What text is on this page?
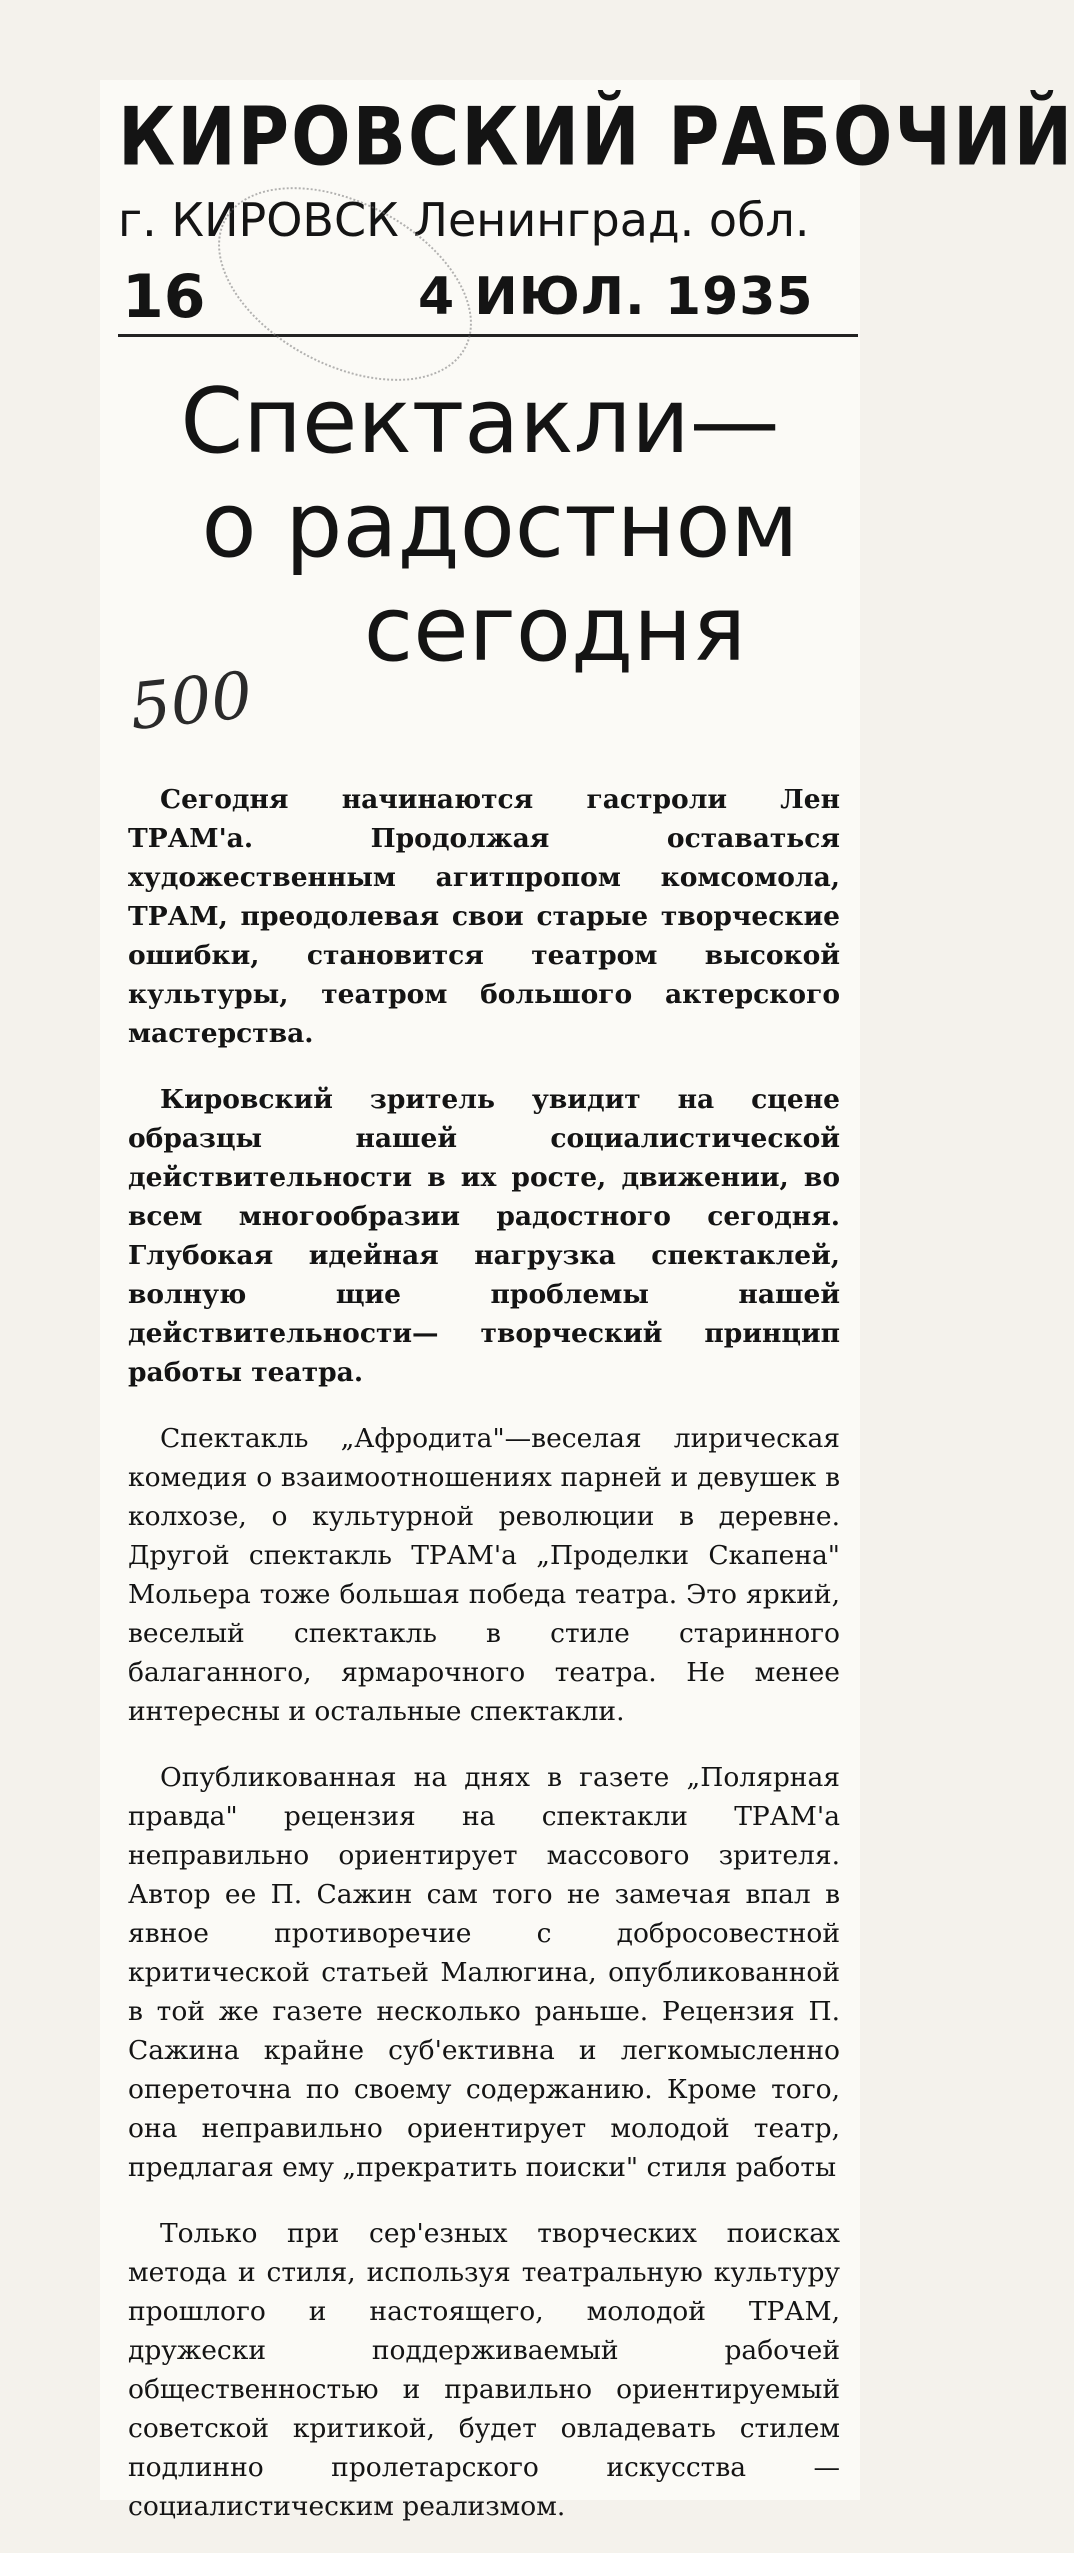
КИРОВСКИЙ РАБОЧИЙ
г. КИРОВСК Ленинград. обл.
16	4 ИЮЛ. 1935
Спектакли—
о радостном
сегодня
500

Сегодня начинаются гастроли Лен ТРАМ'а. Продолжая оставаться художественным агитпропом комсомола, ТРАМ, преодолевая свои старые творческие ошибки, становится театром высокой культуры, театром большого актерского мастерства.

Кировский зритель увидит на сцене образцы нашей социалистической действительности в их росте, движении, во всем многообразии радостного сегодня. Глубокая идейная нагрузка спектаклей, волную щие проблемы нашей действительности— творческий принцип работы театра.

Спектакль „Афродита"—веселая лирическая комедия о взаимоотношениях парней и девушек в колхозе, о культурной революции в деревне. Другой спектакль ТРАМ'а „Проделки Скапена" Мольера тоже большая победа театра. Это яркий, веселый спектакль в стиле старинного балаганного, ярмарочного театра. Не менее интересны и остальные спектакли.

Опубликованная на днях в газете „Полярная правда" рецензия на спектакли ТРАМ'а неправильно ориентирует массового зрителя. Автор ее П. Сажин сам того не замечая впал в явное противоречие с добросовестной критической статьей Малюгина, опубликованной в той же газете несколько раньше. Рецензия П. Сажина крайне суб'ективна и легкомысленно опереточна по своему содержанию. Кроме того, она неправильно ориентирует молодой театр, предлагая ему „прекратить поиски" стиля работы

Только при сер'езных творческих поисках метода и стиля, используя театральную культуру прошлого и настоящего, молодой ТРАМ, дружески поддерживаемый рабочей общественностью и правильно ориентируемый советской критикой, будет овладевать стилем подлинно пролетарского искусства — социалистическим реализмом.
